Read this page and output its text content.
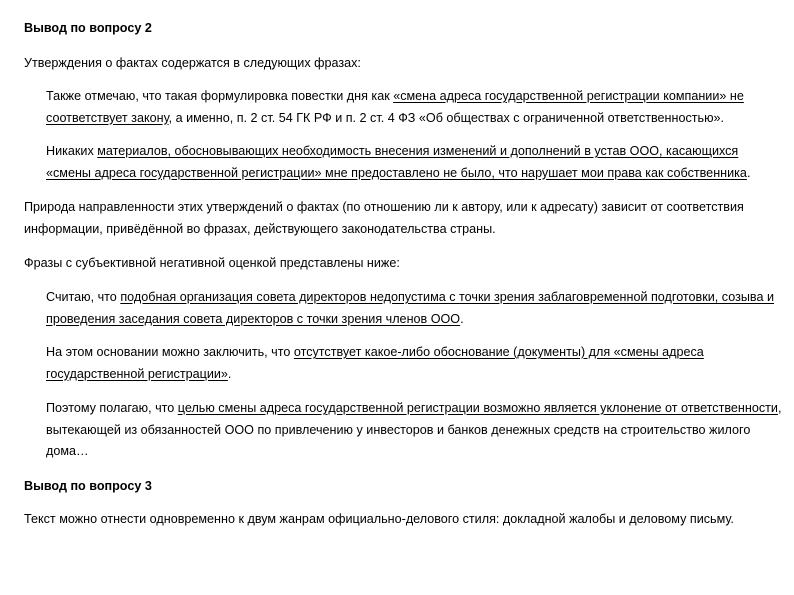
Вывод по вопросу 2

Утверждения о фактах содержатся в следующих фразах:

Также отмечаю, что такая формулировка повестки дня как «смена адреса государственной регистрации компании» не соответствует закону, а именно, п. 2 ст. 54 ГК РФ и п. 2 ст. 4 ФЗ «Об обществах с ограниченной ответственностью».

Никаких материалов, обосновывающих необходимость внесения изменений и дополнений в устав ООО, касающихся «смены адреса государственной регистрации» мне предоставлено не было, что нарушает мои права как собственника.

Природа направленности этих утверждений о фактах (по отношению ли к автору, или к адресату) зависит от соответствия информации, привёдённой во фразах, действующего законодательства страны.

Фразы с субъективной негативной оценкой представлены ниже:

Считаю, что подобная организация совета директоров недопустима с точки зрения заблаговременной подготовки, созыва и проведения заседания совета директоров с точки зрения членов ООО.

На этом основании можно заключить, что отсутствует какое-либо обоснование (документы) для «смены адреса государственной регистрации».

Поэтому полагаю, что целью смены адреса государственной регистрации возможно является уклонение от ответственности, вытекающей из обязанностей ООО по привлечению у инвесторов и банков денежных средств на строительство жилого дома…

Вывод по вопросу 3

Текст можно отнести одновременно к двум жанрам официально-делового стиля: докладной жалобы и деловому письму.
